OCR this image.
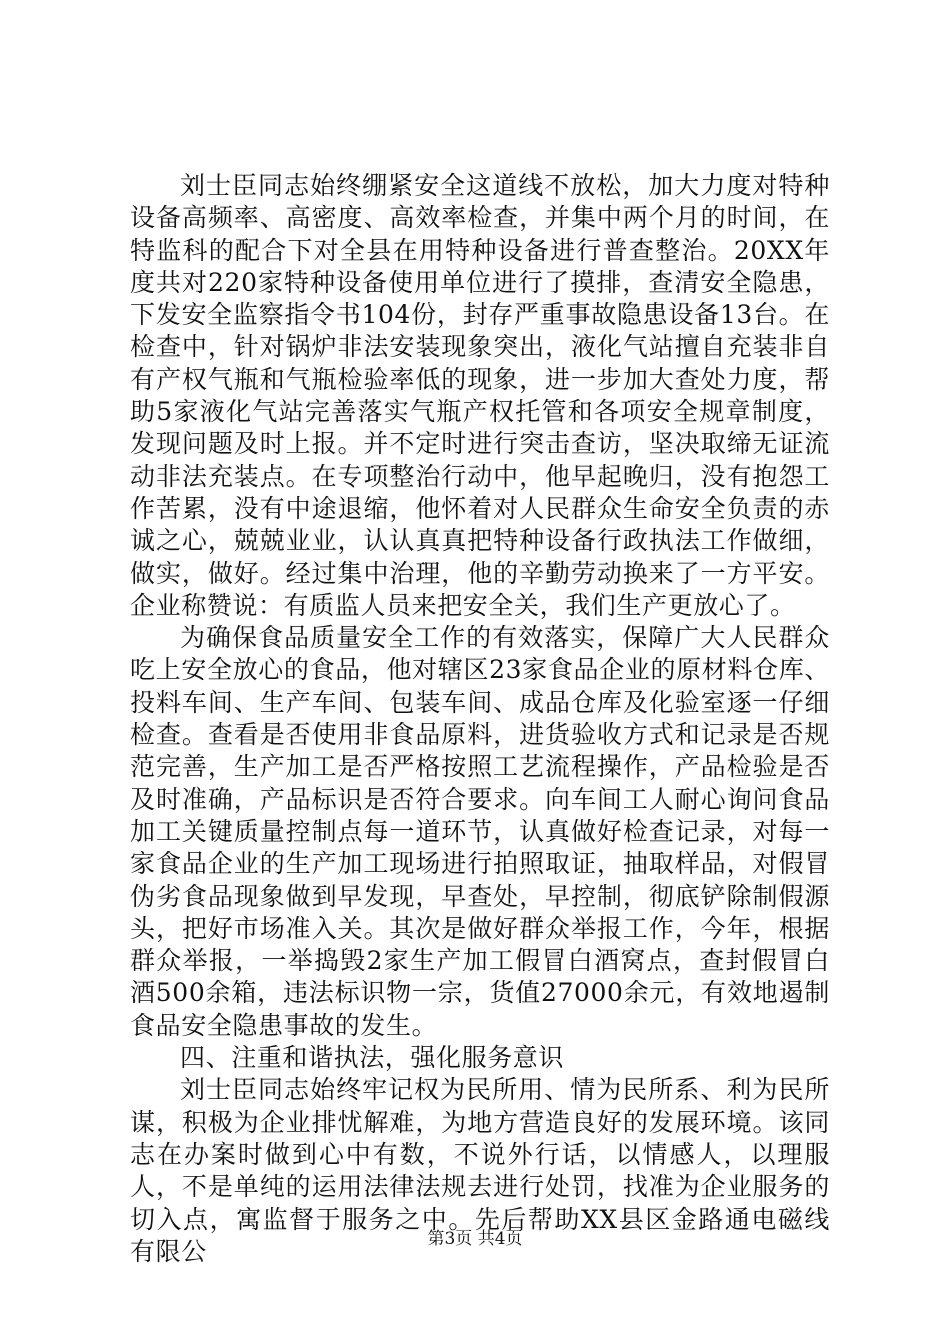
刘士臣同志始终绷紧安全这道线不放松，加大力度对特种设备高频率、高密度、高效率检查，并集中两个月的时间，在特监科的配合下对全县在用特种设备进行普查整治。20XX年度共对220家特种设备使用单位进行了摸排，查清安全隐患，下发安全监察指令书104份，封存严重事故隐患设备13台。在检查中，针对锅炉非法安装现象突出，液化气站擅自充装非自有产权气瓶和气瓶检验率低的现象，进一步加大查处力度，帮助5家液化气站完善落实气瓶产权托管和各项安全规章制度，发现问题及时上报。并不定时进行突击查访，坚决取缔无证流动非法充装点。在专项整治行动中，他早起晚归，没有抱怨工作苦累，没有中途退缩，他怀着对人民群众生命安全负责的赤诚之心，兢兢业业，认认真真把特种设备行政执法工作做细，做实，做好。经过集中治理，他的辛勤劳动换来了一方平安。企业称赞说：有质监人员来把安全关，我们生产更放心了。

为确保食品质量安全工作的有效落实，保障广大人民群众吃上安全放心的食品，他对辖区23家食品企业的原材料仓库、投料车间、生产车间、包装车间、成品仓库及化验室逐一仔细检查。查看是否使用非食品原料，进货验收方式和记录是否规范完善，生产加工是否严格按照工艺流程操作，产品检验是否及时准确，产品标识是否符合要求。向车间工人耐心询问食品加工关键质量控制点每一道环节，认真做好检查记录，对每一家食品企业的生产加工现场进行拍照取证，抽取样品，对假冒伪劣食品现象做到早发现，早查处，早控制，彻底铲除制假源头，把好市场准入关。其次是做好群众举报工作，今年，根据群众举报，一举捣毁2家生产加工假冒白酒窝点，查封假冒白酒500余箱，违法标识物一宗，货值27000余元，有效地遏制食品安全隐患事故的发生。

四、注重和谐执法，强化服务意识

刘士臣同志始终牢记权为民所用、情为民所系、利为民所谋，积极为企业排忧解难，为地方营造良好的发展环境。该同志在办案时做到心中有数，不说外行话，以情感人，以理服人，不是单纯的运用法律法规去进行处罚，找准为企业服务的切入点，寓监督于服务之中。先后帮助XX县区金路通电磁线有限公	第3页 共4页
